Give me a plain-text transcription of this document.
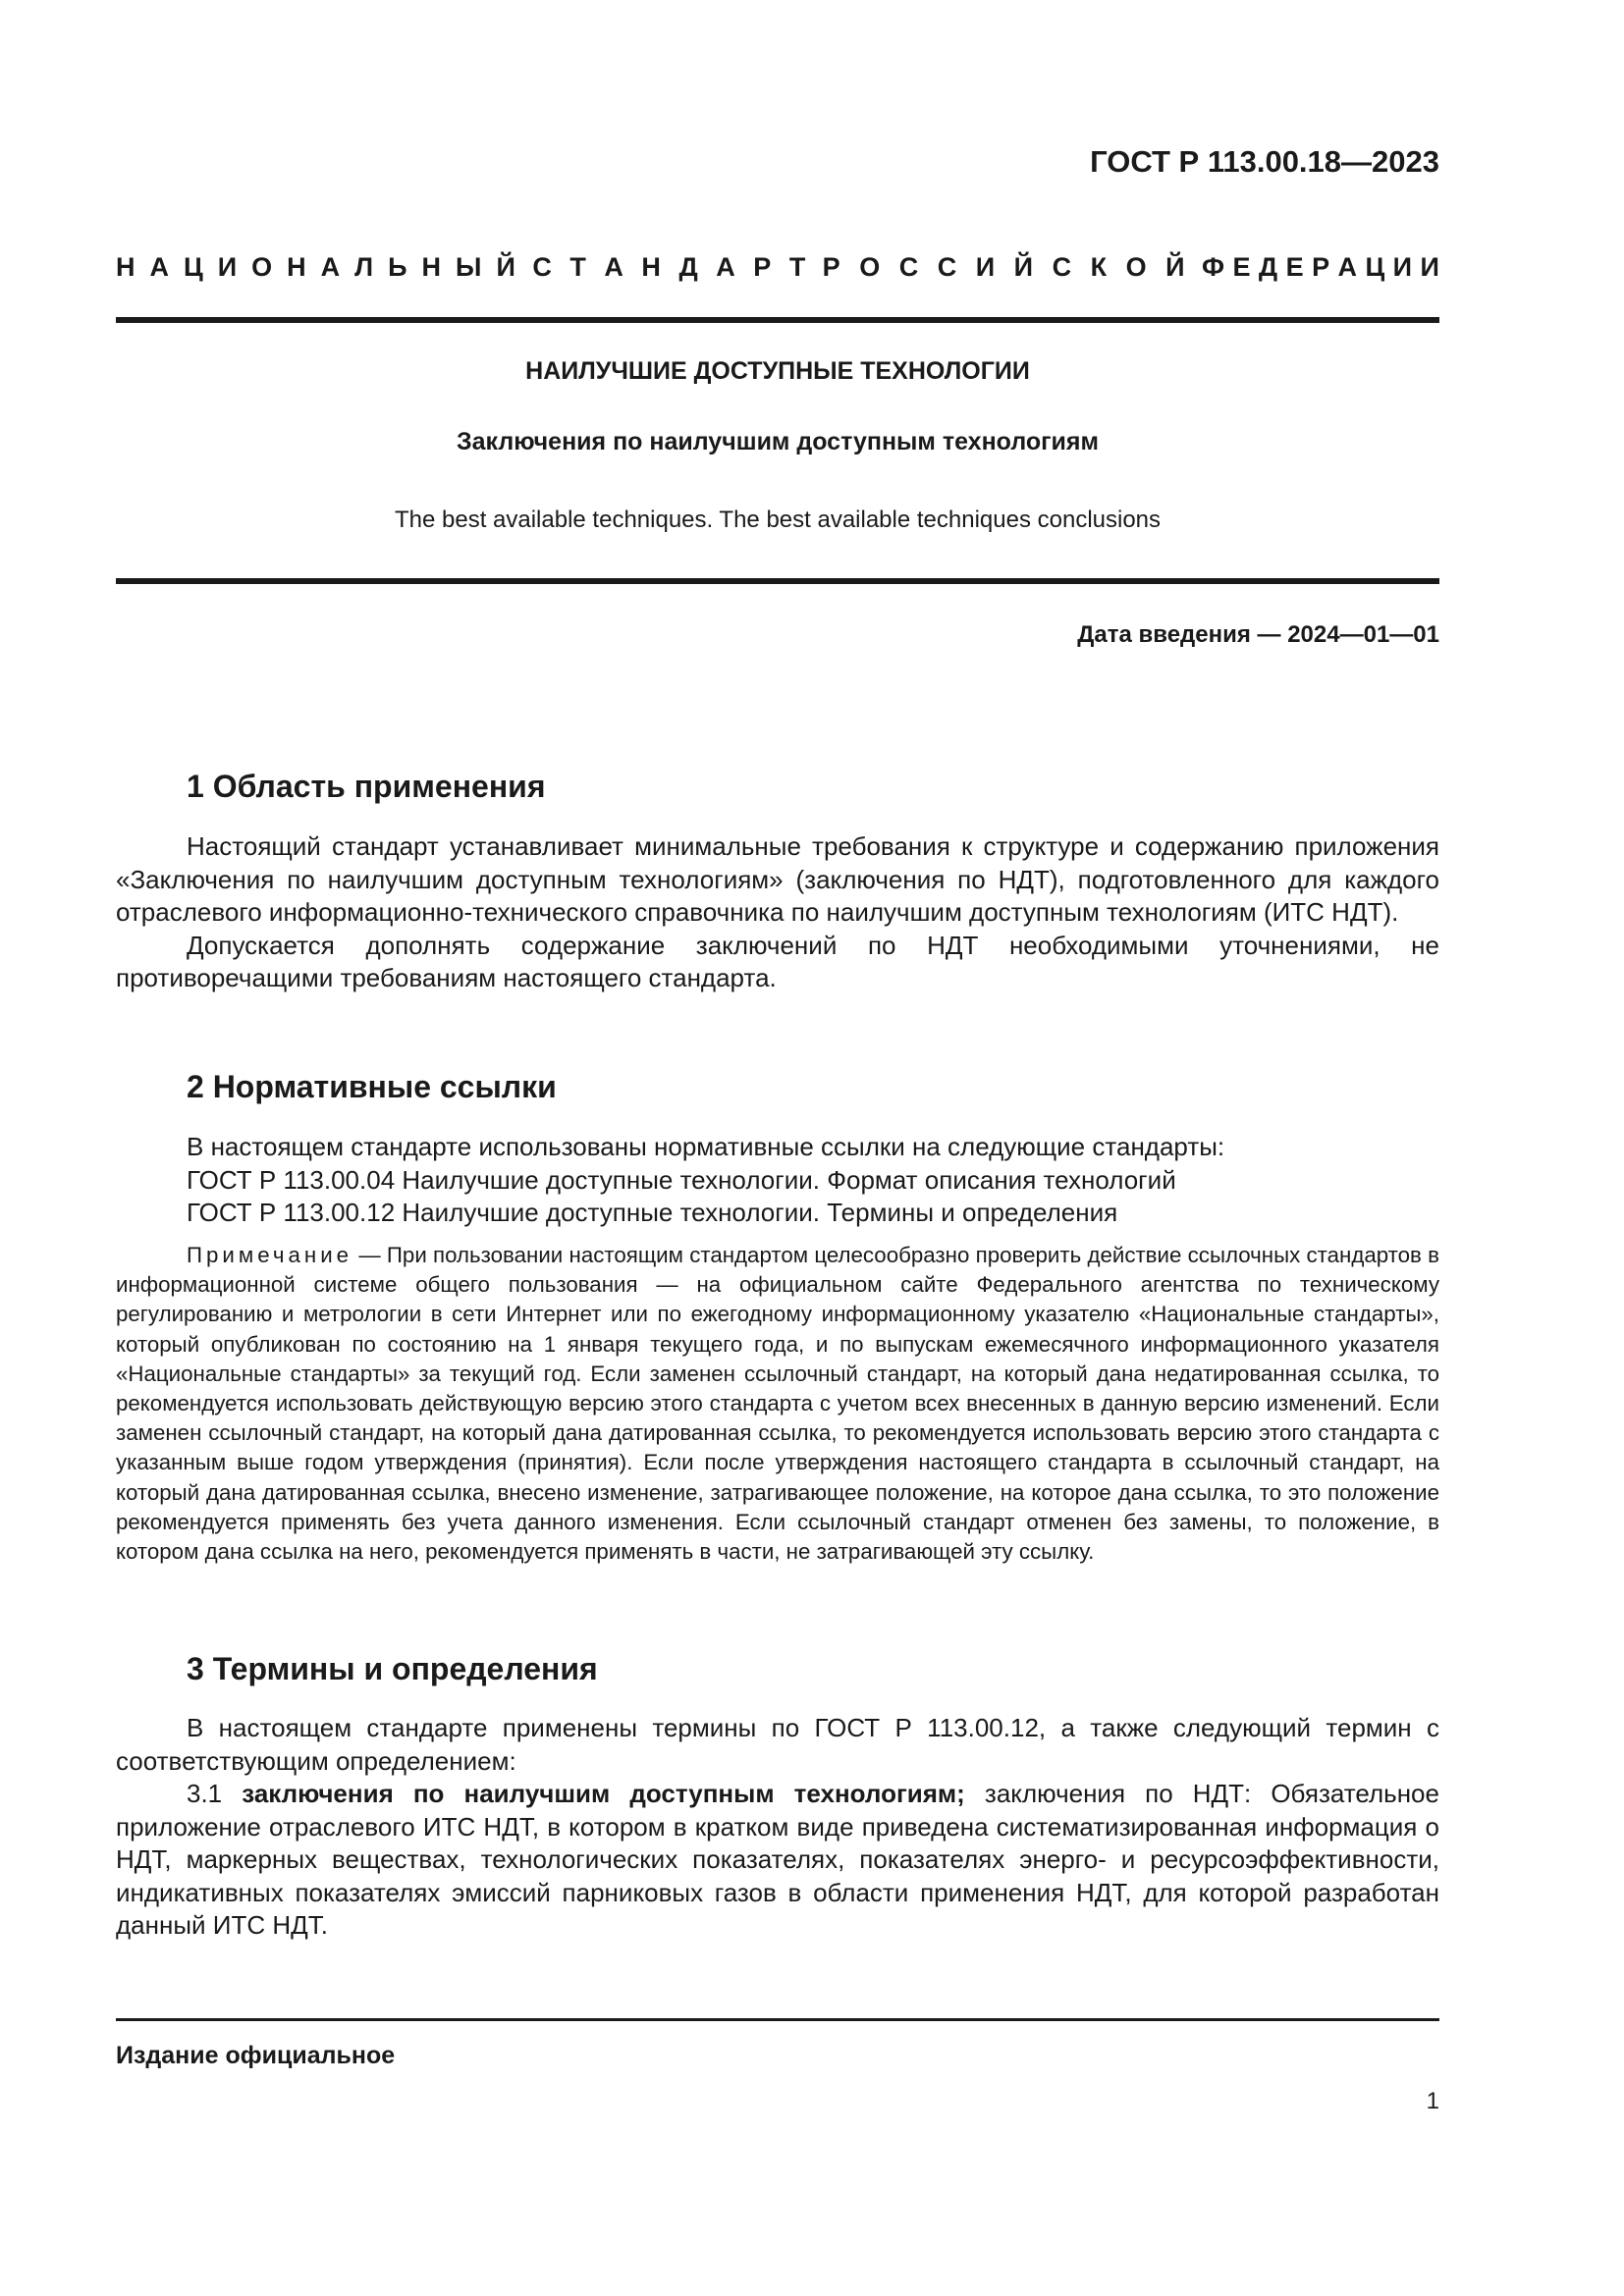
ГОСТ Р 113.00.18—2023
Н А Ц И О Н А Л Ь Н Ы Й С Т А Н Д А Р Т Р О С С И Й С К О Й Ф Е Д Е Р А Ц И И
НАИЛУЧШИЕ ДОСТУПНЫЕ ТЕХНОЛОГИИ
Заключения по наилучшим доступным технологиям
The best available techniques. The best available techniques conclusions
Дата введения — 2024—01—01
1 Область применения

Настоящий стандарт устанавливает минимальные требования к структуре и содержанию приложения «Заключения по наилучшим доступным технологиям» (заключения по НДТ), подготовленного для каждого отраслевого информационно-технического справочника по наилучшим доступным технологиям (ИТС НДТ).

Допускается дополнять содержание заключений по НДТ необходимыми уточнениями, не противоречащими требованиям настоящего стандарта.

2 Нормативные ссылки
В настоящем стандарте использованы нормативные ссылки на следующие стандарты:
ГОСТ Р 113.00.04 Наилучшие доступные технологии. Формат описания технологий
ГОСТ Р 113.00.12 Наилучшие доступные технологии. Термины и определения
Примечание — При пользовании настоящим стандартом целесообразно проверить действие ссылочных стандартов в информационной системе общего пользования — на официальном сайте Федерального агентства по техническому регулированию и метрологии в сети Интернет или по ежегодному информационному указателю «Национальные стандарты», который опубликован по состоянию на 1 января текущего года, и по выпускам ежемесячного информационного указателя «Национальные стандарты» за текущий год. Если заменен ссылочный стандарт, на который дана недатированная ссылка, то рекомендуется использовать действующую версию этого стандарта с учетом всех внесенных в данную версию изменений. Если заменен ссылочный стандарт, на который дана датированная ссылка, то рекомендуется использовать версию этого стандарта с указанным выше годом утверждения (принятия). Если после утверждения настоящего стандарта в ссылочный стандарт, на который дана датированная ссылка, внесено изменение, затрагивающее положение, на которое дана ссылка, то это положение рекомендуется применять без учета данного изменения. Если ссылочный стандарт отменен без замены, то положение, в котором дана ссылка на него, рекомендуется применять в части, не затрагивающей эту ссылку.
3 Термины и определения

В настоящем стандарте применены термины по ГОСТ Р 113.00.12, а также следующий термин с соответствующим определением:

3.1 заключения по наилучшим доступным технологиям; заключения по НДТ: Обязательное приложение отраслевого ИТС НДТ, в котором в кратком виде приведена систематизированная информация о НДТ, маркерных веществах, технологических показателях, показателях энерго- и ресурсоэффективности, индикативных показателях эмиссий парниковых газов в области применения НДТ, для которой разработан данный ИТС НДТ.

Издание официальное
1
